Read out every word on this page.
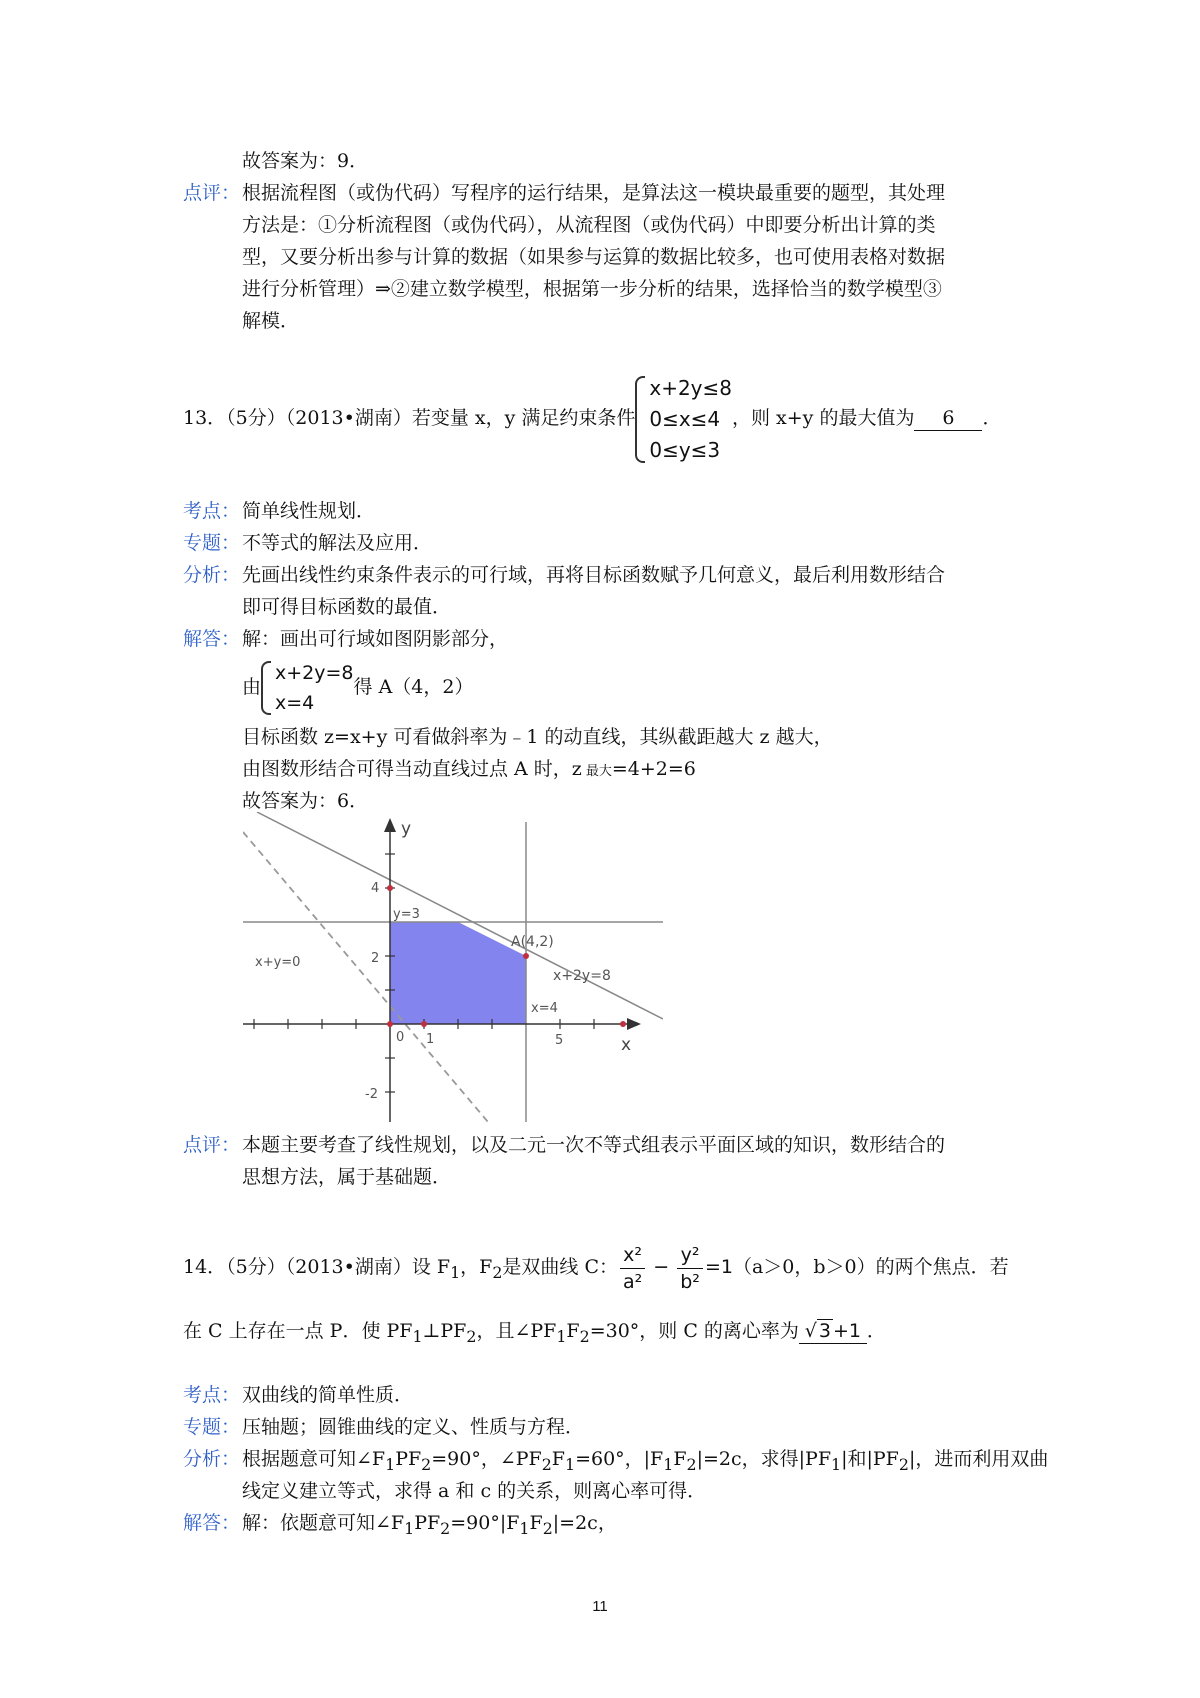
故答案为：9．
点评： 根据流程图（或伪代码）写程序的运行结果，是算法这一模块最重要的题型，其处理
方法是：①分析流程图（或伪代码），从流程图（或伪代码）中即要分析出计算的类
型，又要分析出参与计算的数据（如果参与运算的数据比较多，也可使用表格对数据
进行分析管理）⇒②建立数学模型，根据第一步分析的结果，选择恰当的数学模型③
解模．
13．（5分）（2013•湖南）若变量 x，y 满足约束条件
x+2y≤8
0≤x≤4
0≤y≤3
，则 x+y 的最大值为 6 ．
考点： 简单线性规划．
专题： 不等式的解法及应用．
分析： 先画出线性约束条件表示的可行域，再将目标函数赋予几何意义，最后利用数形结合
即可得目标函数的最值．
解答： 解：画出可行域如图阴影部分，
由
x+2y=8
x=4
得 A（4，2）
目标函数 z=x+y 可看做斜率为﹣1 的动直线，其纵截距越大 z 越大，
由图数形结合可得当动直线过点 A 时，z 最大=4+2=6
故答案为：6．
y
x
0 1	5
2
4
-2
y=3
A(4,2)
x+2y=8
x=4
x+y=0
点评： 本题主要考查了线性规划，以及二元一次不等式组表示平面区域的知识，数形结合的
思想方法，属于基础题．
14．（5分）（2013•湖南）设 $F_1$，$F_2$是双曲线 C： $\frac{\text{x²}}{\text{a²}} - \frac{\text{y²}}{\text{b²}} =1(a>0$，b＞0）的两个焦点．若
在 C 上存在一点 P．使 $PF_1\perp PF_2$，且$\angle PF_1F_2=30^\circ$，则 C 的离心率为 √ 3 +1 ．
考点： 双曲线的简单性质．
专题： 压轴题；圆锥曲线的定义、性质与方程．
分析： 根据题意可知$\angle F_1PF_2=90^\circ$，$\angle PF_2F_1=60^\circ$，$|F_1F_2|=2c$，求得$|PF_1|$和$|PF_2|$，进而利用双曲
线定义建立等式，求得 a 和 c 的关系，则离心率可得．
解答： 解：依题意可知$\angle F_1PF_2=90^\circ|F_1F_2|=2c$，
11
